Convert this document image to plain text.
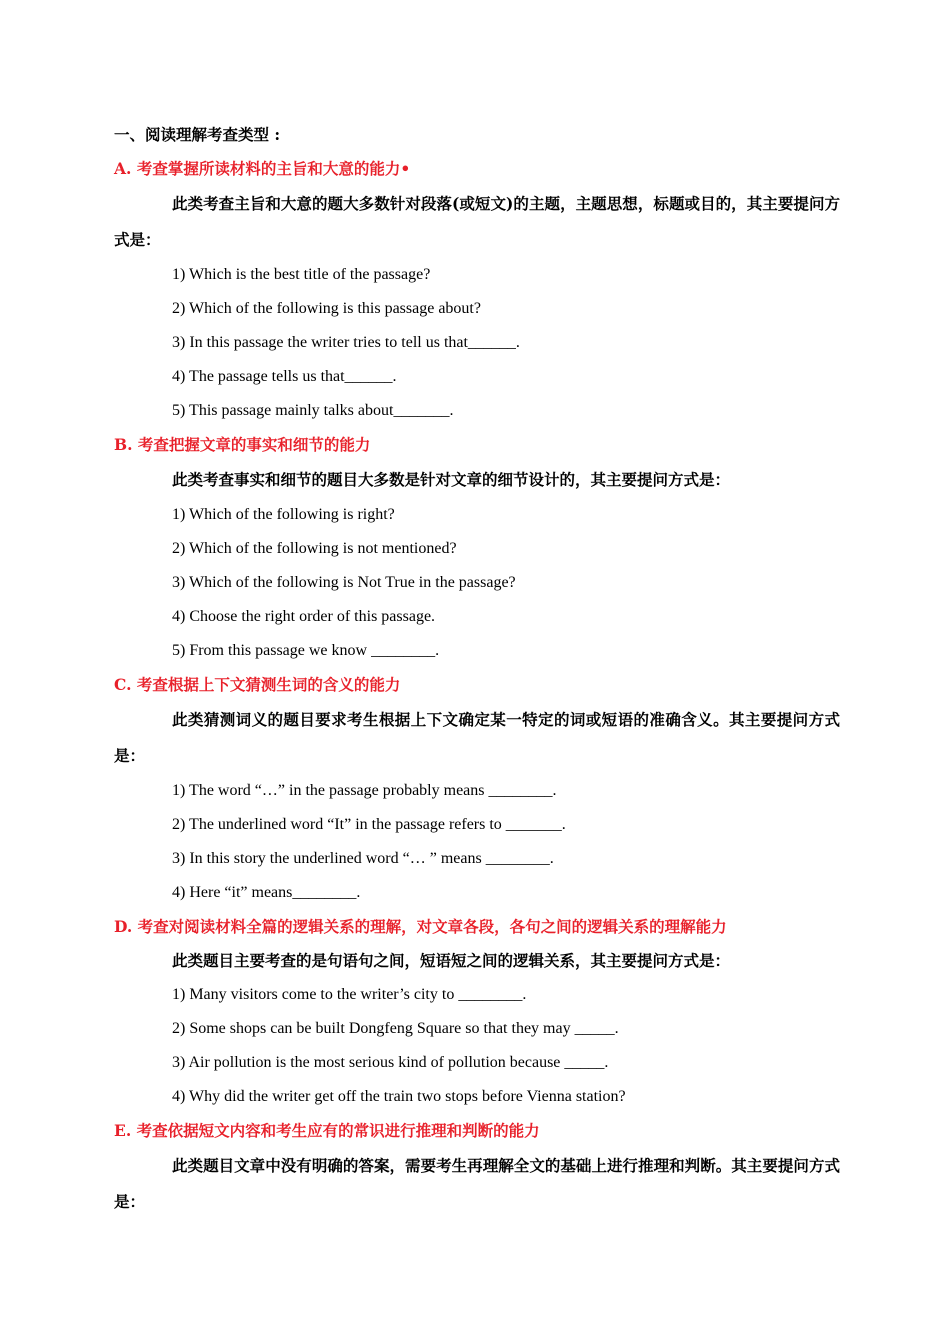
一、阅读理解考查类型 :
A. 考查掌握所读材料的主旨和大意的能力•
此类考查主旨和大意的题大多数针对段落(或短文)的主题，主题思想，标题或目的，其主要提问方式是：
1) Which is the best title of the passage?
2) Which of the following is this passage about?
3) In this passage the writer tries to tell us that______.
4) The passage tells us that______.
5) This passage mainly talks about_______.
B. 考查把握文章的事实和细节的能力
此类考查事实和细节的题目大多数是针对文章的细节设计的，其主要提问方式是：
1) Which of the following is right?
2) Which of the following is not mentioned?
3) Which of the following is Not True in the passage?
4) Choose the right order of this passage.
5) From this passage we know ________.
C. 考查根据上下文猜测生词的含义的能力
此类猜测词义的题目要求考生根据上下文确定某一特定的词或短语的准确含义。其主要提问方式是：
1) The word “…” in the passage probably means ________.
2) The underlined word “It” in the passage refers to _______.
3) In this story the underlined word “… ” means ________.
4) Here “it” means________.
D. 考查对阅读材料全篇的逻辑关系的理解，对文章各段，各句之间的逻辑关系的理解能力
此类题目主要考查的是句语句之间，短语短之间的逻辑关系，其主要提问方式是：
1) Many visitors come to the writer’s city to ________.
2) Some shops can be built Dongfeng Square so that they may _____.
3) Air pollution is the most serious kind of pollution because _____.
4) Why did the writer get off the train two stops before Vienna station?
E. 考查依据短文内容和考生应有的常识进行推理和判断的能力
此类题目文章中没有明确的答案，需要考生再理解全文的基础上进行推理和判断。其主要提问方式是：
